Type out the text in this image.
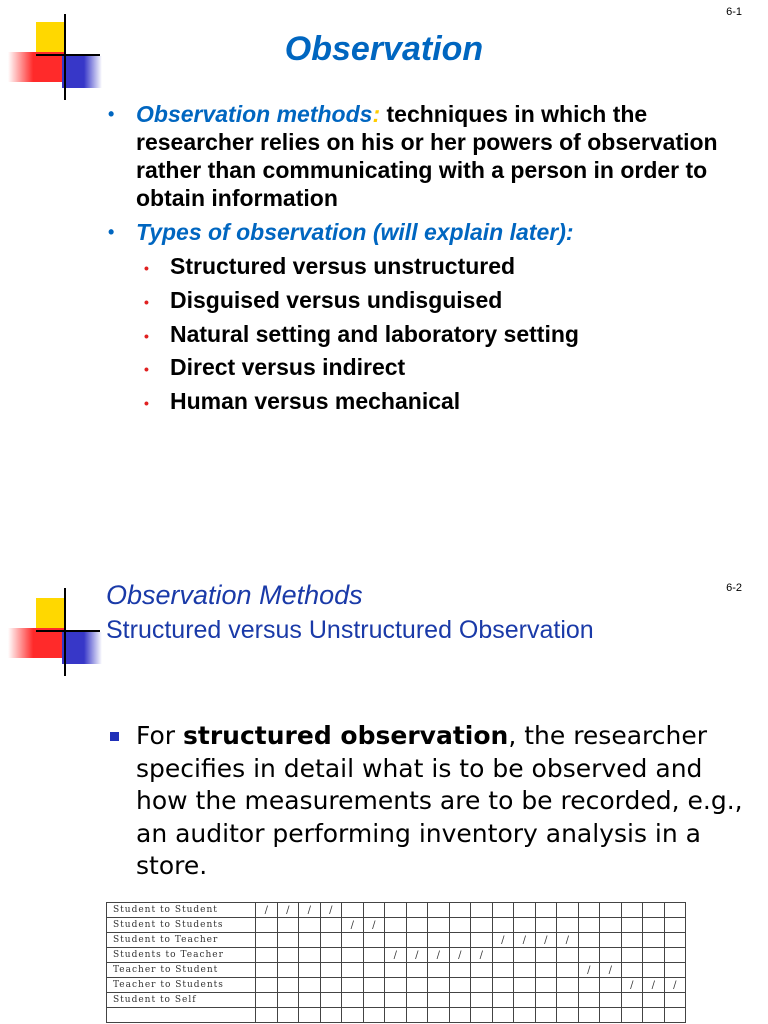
6-1
Observation
• Observation methods: techniques in which the researcher relies on his or her powers of observation rather than communicating with a person in order to obtain information
• Types of observation (will explain later):
• Structured versus unstructured
• Disguised versus undisguised
• Natural setting and laboratory setting
• Direct versus indirect
• Human versus mechanical
6-2
Observation Methods
Structured versus Unstructured Observation
For structured observation, the researcher specifies in detail what is to be observed and how the measurements are to be recorded, e.g., an auditor performing inventory analysis in a store.
Student to Student	/	/	/	/																
Student to Students					/	/														
Student to Teacher												/	/	/	/					
Students to Teacher							/	/	/	/	/									
Teacher to Student																/	/			
Teacher to Students																		/	/	/
Student to Self																				
